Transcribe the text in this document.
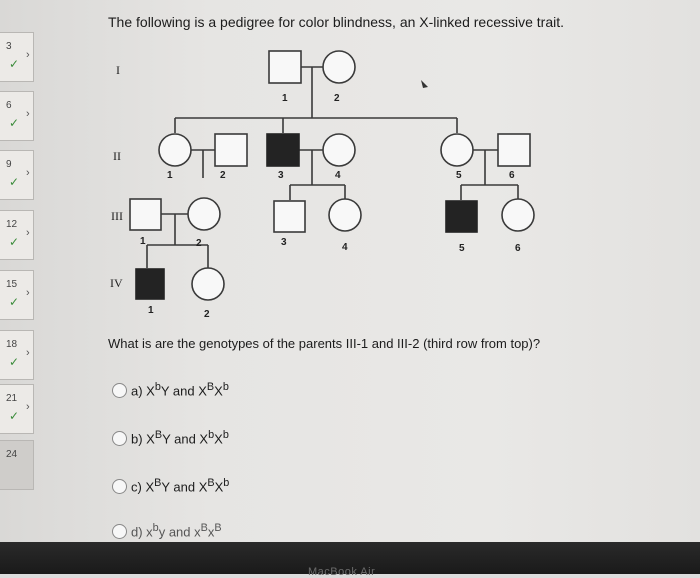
3
✓
›
6
✓
›
9
✓
›
12
✓
›
15
✓
›
18
✓
›
21
✓
›
24
The following is a pedigree for color blindness, an X-linked recessive trait.
I
II
III
IV
1	2
1	2	3	4	5	6
1	2	3	4	5	6
1	2
What is are the genotypes of the parents III-1 and III-2 (third row from top)?
a) $X^bY$ and $X^BX^b$
b) $X^BY$ and $X^bX^b$
c) $X^BY$ and $X^BX^b$
d) $x^by$ and $x^Bx^B$
MacBook Air
